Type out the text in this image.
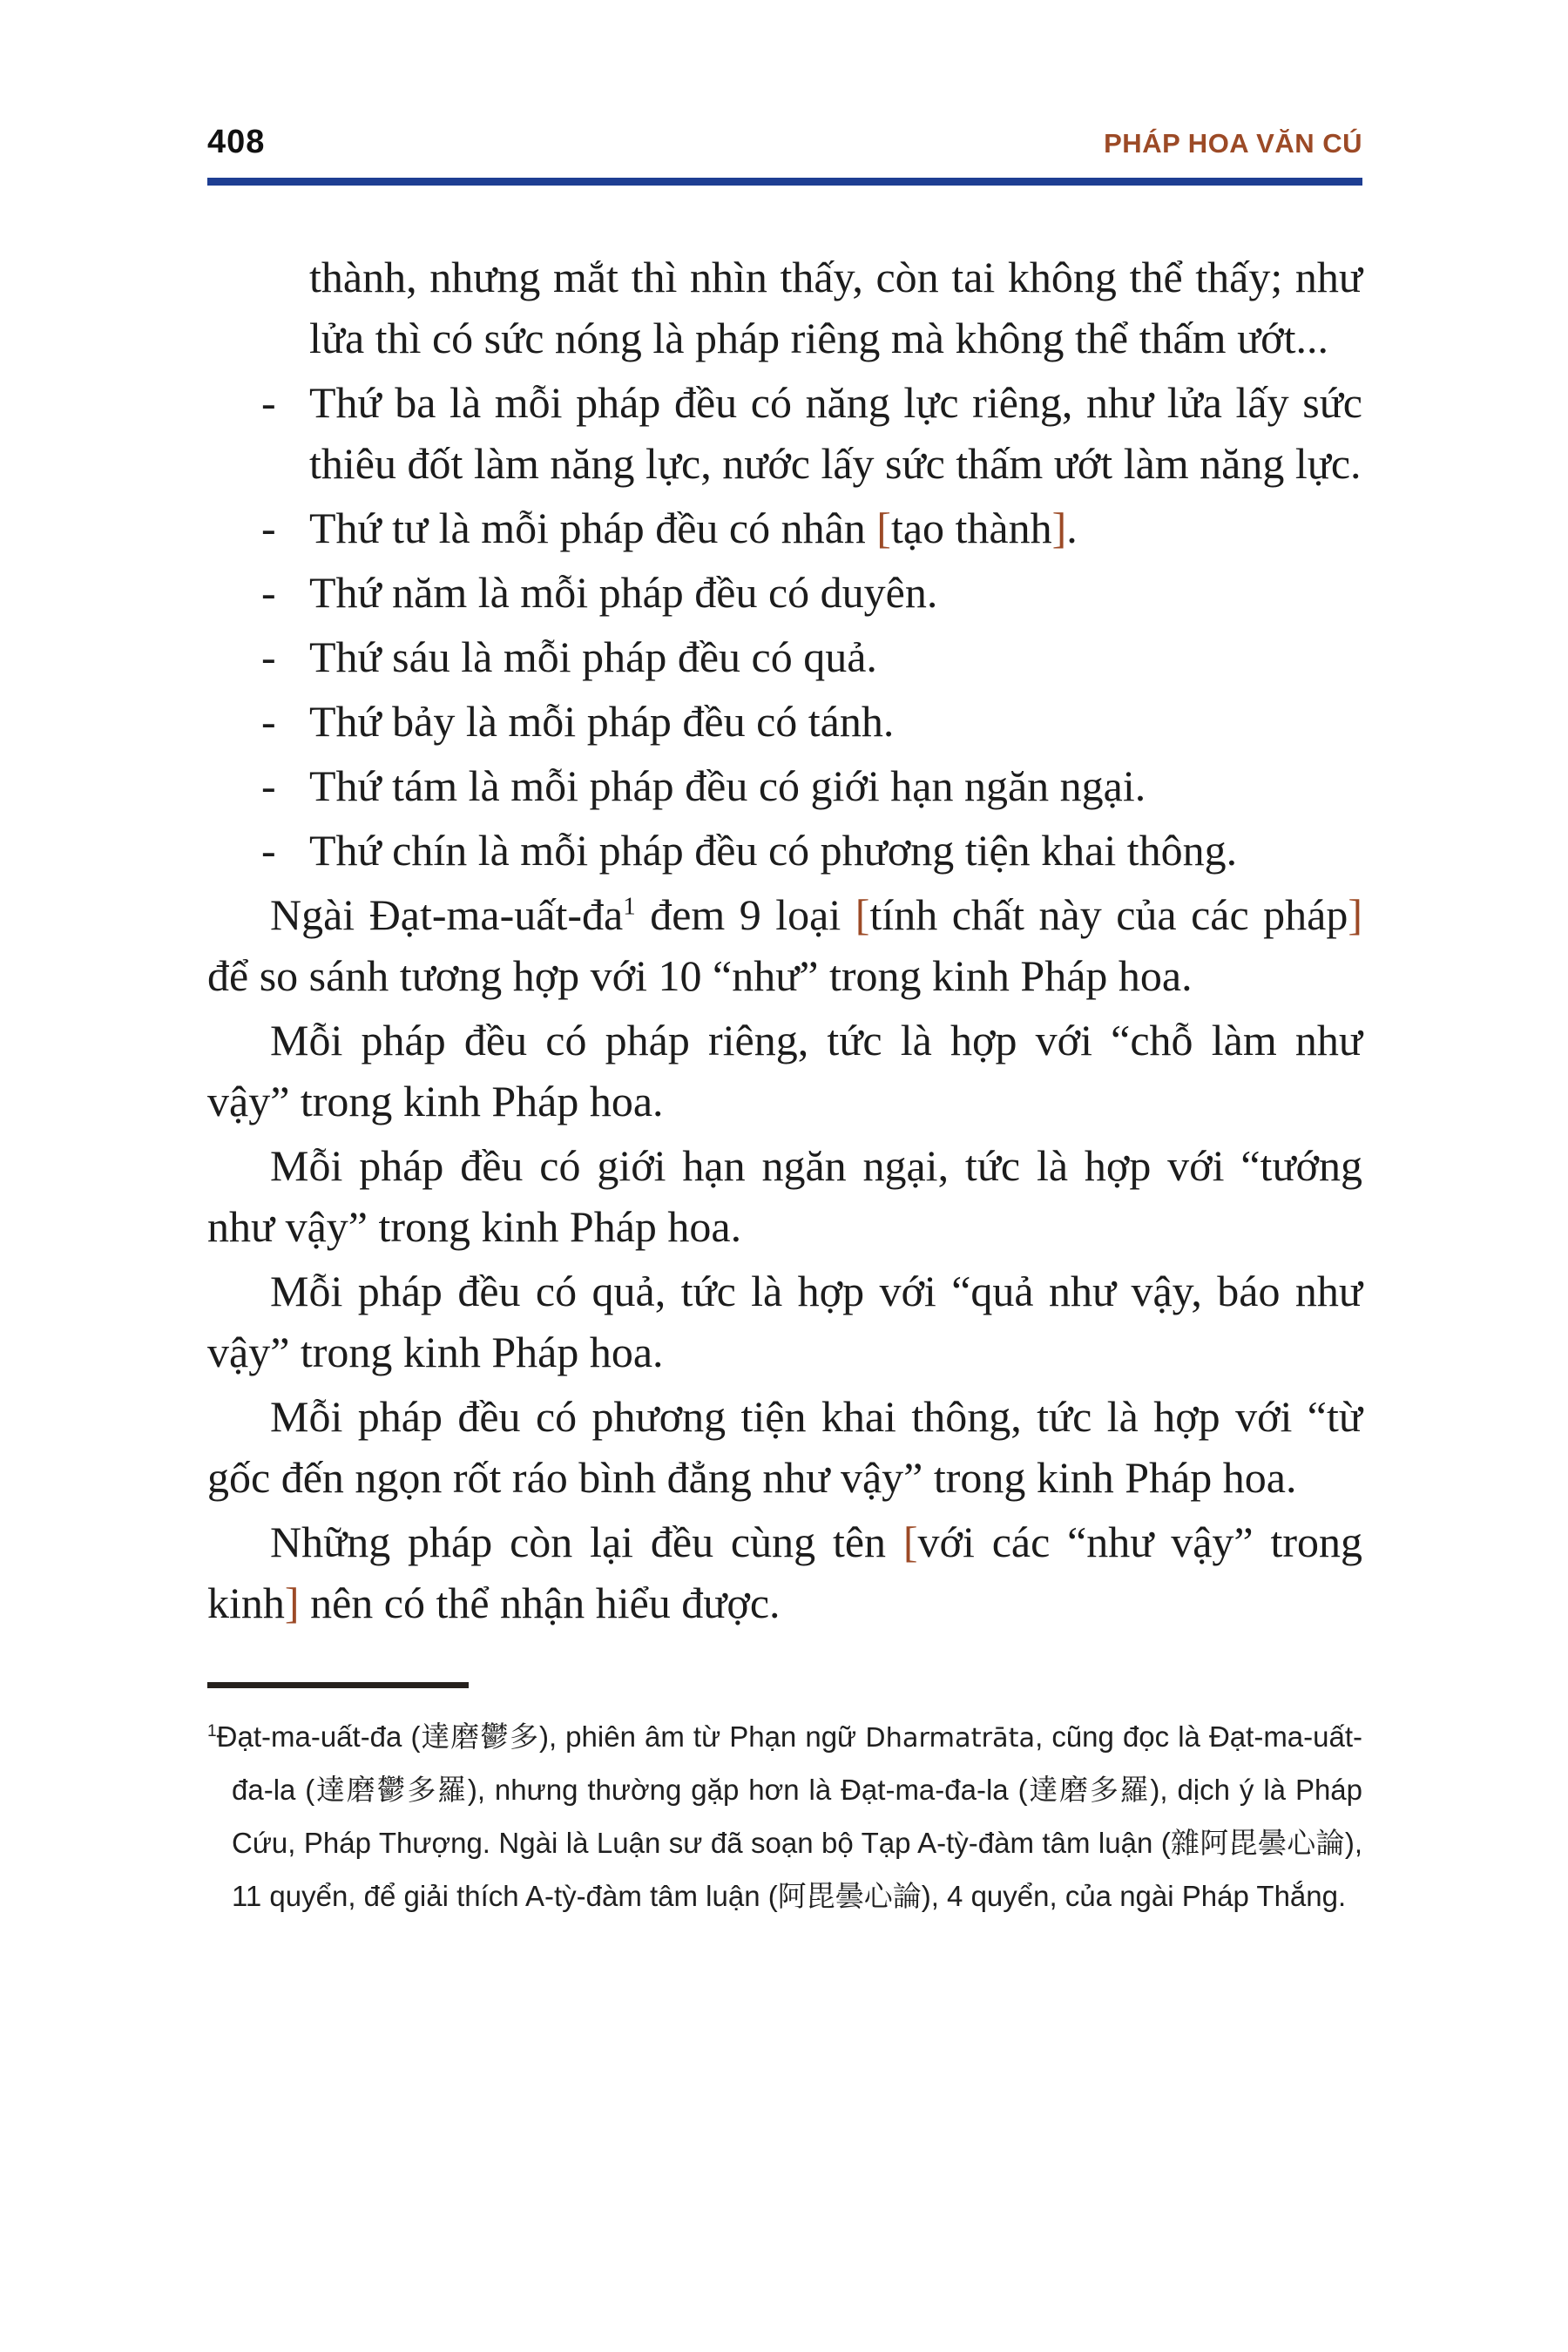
408	PHÁP HOA VĂN CÚ

thành, nhưng mắt thì nhìn thấy, còn tai không thể thấy; như lửa thì có sức nóng là pháp riêng mà không thể thấm ướt...

- Thứ ba là mỗi pháp đều có năng lực riêng, như lửa lấy sức thiêu đốt làm năng lực, nước lấy sức thấm ướt làm năng lực.

- Thứ tư là mỗi pháp đều có nhân [tạo thành].

- Thứ năm là mỗi pháp đều có duyên.

- Thứ sáu là mỗi pháp đều có quả.

- Thứ bảy là mỗi pháp đều có tánh.

- Thứ tám là mỗi pháp đều có giới hạn ngăn ngại.

- Thứ chín là mỗi pháp đều có phương tiện khai thông.

Ngài Đạt-$ma-uất-đa^1$ đem 9 loại [tính chất này của các pháp] để so sánh tương hợp với 10 “như” trong kinh Pháp hoa.

Mỗi pháp đều có pháp riêng, tức là hợp với “chỗ làm như vậy” trong kinh Pháp hoa.

Mỗi pháp đều có giới hạn ngăn ngại, tức là hợp với “tướng như vậy” trong kinh Pháp hoa.

Mỗi pháp đều có quả, tức là hợp với “quả như vậy, báo như vậy” trong kinh Pháp hoa.

Mỗi pháp đều có phương tiện khai thông, tức là hợp với “từ gốc đến ngọn rốt ráo bình đẳng như vậy” trong kinh Pháp hoa.

Những pháp còn lại đều cùng tên [với các “như vậy” trong kinh] nên có thể nhận hiểu được.

$^1$Đạt-ma-uất-đa (達磨鬱多), phiên âm từ Phạn ngữ Dharmatrāta, cũng đọc là Đạt-ma-uất-đa-la (達磨鬱多羅), nhưng thường gặp hơn là Đạt-ma-đa-la (達磨多羅), dịch ý là Pháp Cứu, Pháp Thượng. Ngài là Luận sư đã soạn bộ Tạp A-tỳ-đàm tâm luận (雜阿毘曇心論), 11 quyển, để giải thích A-tỳ-đàm tâm luận (阿毘曇心論), 4 quyển, của ngài Pháp Thắng.
